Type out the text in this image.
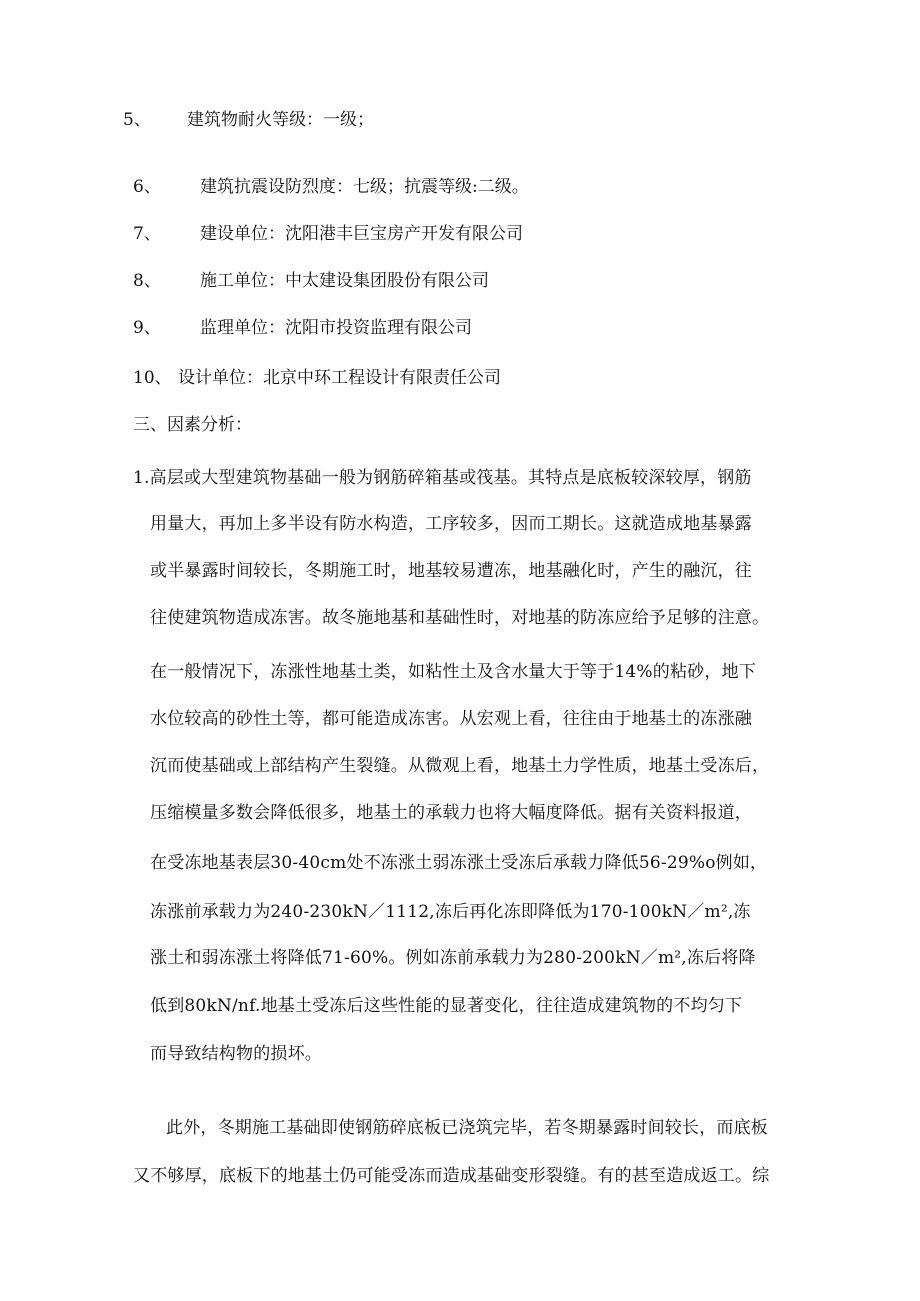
5、 建筑物耐火等级：一级；
6、 建筑抗震设防烈度：七级；抗震等级:二级。
7、 建设单位：沈阳港丰巨宝房产开发有限公司
8、 施工单位：中太建设集团股份有限公司
9、 监理单位：沈阳市投资监理有限公司
10、 设计单位：北京中环工程设计有限责任公司
三、因素分析：
1.高层或大型建筑物基础一般为钢筋碎箱基或筏基。其特点是底板较深较厚，钢筋
用量大，再加上多半设有防水构造，工序较多，因而工期长。这就造成地基暴露
或半暴露时间较长，冬期施工时，地基较易遭冻，地基融化时，产生的融沉，往
往使建筑物造成冻害。故冬施地基和基础性时，对地基的防冻应给予足够的注意。
在一般情况下，冻涨性地基土类，如粘性土及含水量大于等于14%的粘砂，地下
水位较高的砂性土等，都可能造成冻害。从宏观上看，往往由于地基土的冻涨融
沉而使基础或上部结构产生裂缝。从微观上看，地基土力学性质，地基土受冻后，
压缩模量多数会降低很多，地基土的承载力也将大幅度降低。据有关资料报道，
在受冻地基表层30-40cm处不冻涨土弱冻涨土受冻后承载力降低56-29%o例如，
冻涨前承载力为240-230kN／1112,冻后再化冻即降低为170-100kN／m²,冻
涨土和弱冻涨土将降低71-60%。例如冻前承载力为280-200kN／m²,冻后将降
低到80kN/nf.地基土受冻后这些性能的显著变化，往往造成建筑物的不均匀下
而导致结构物的损坏。
此外，冬期施工基础即使钢筋碎底板已浇筑完毕，若冬期暴露时间较长，而底板
又不够厚，底板下的地基土仍可能受冻而造成基础变形裂缝。有的甚至造成返工。综
